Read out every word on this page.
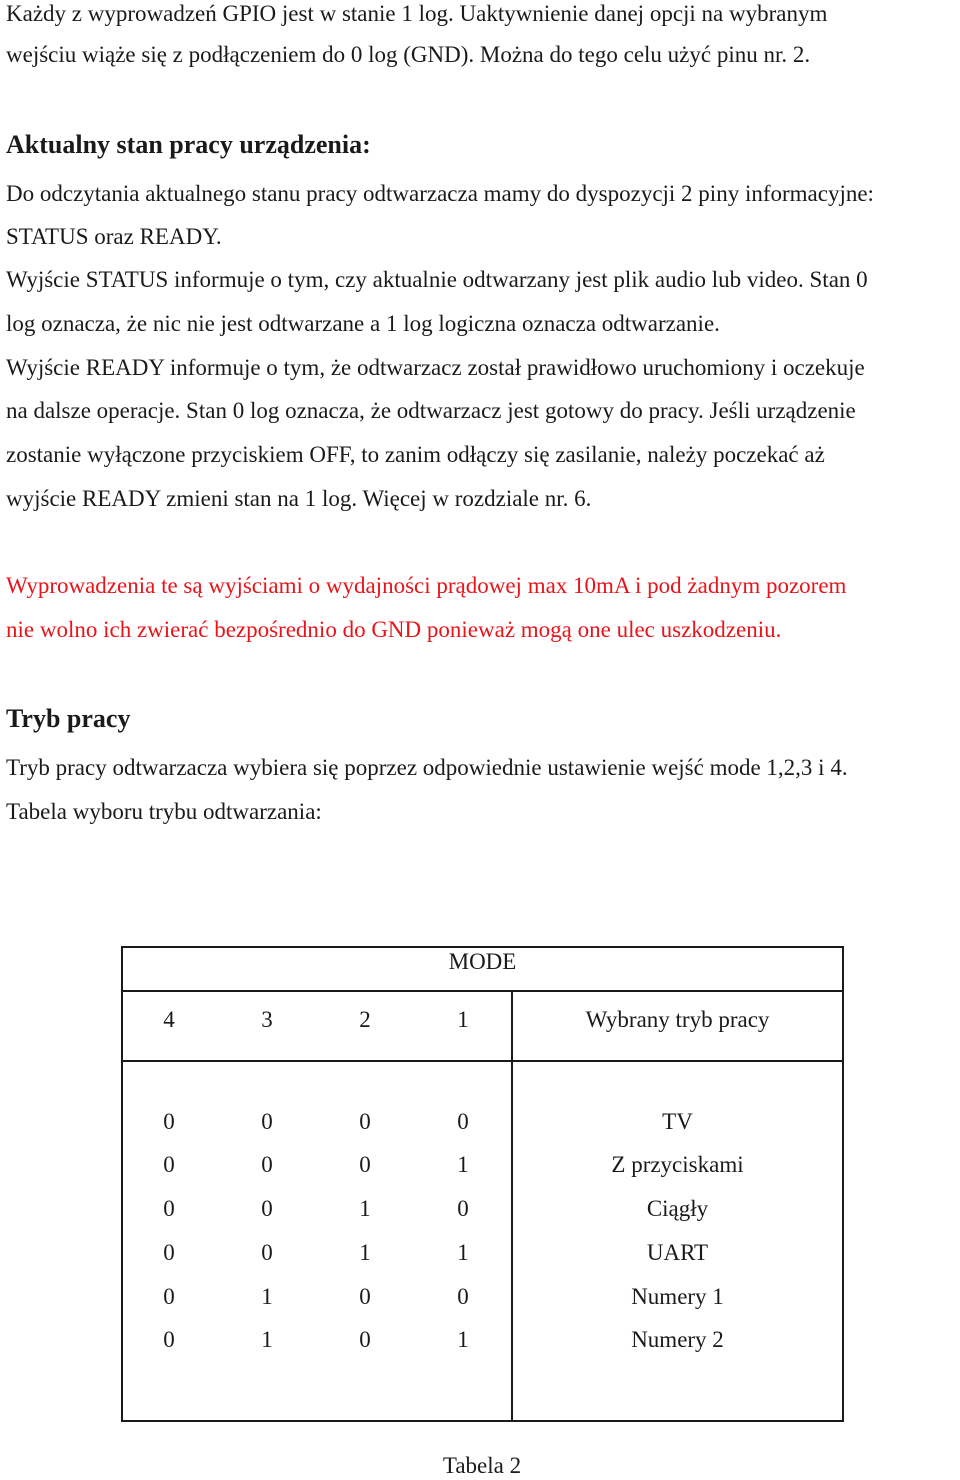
Każdy z wyprowadzeń GPIO jest w stanie 1 log. Uaktywnienie danej opcji na wybranym
wejściu wiąże się z podłączeniem do 0 log (GND). Można do tego celu użyć pinu nr. 2.
Aktualny stan pracy urządzenia:
Do odczytania aktualnego stanu pracy odtwarzacza mamy do dyspozycji 2 piny informacyjne:
STATUS oraz READY.
Wyjście STATUS informuje o tym, czy aktualnie odtwarzany jest plik audio lub video. Stan 0
log oznacza, że nic nie jest odtwarzane a 1 log logiczna oznacza odtwarzanie.
Wyjście READY informuje o tym, że odtwarzacz został prawidłowo uruchomiony i oczekuje
na dalsze operacje. Stan 0 log oznacza, że odtwarzacz jest gotowy do pracy. Jeśli urządzenie
zostanie wyłączone przyciskiem OFF, to zanim odłączy się zasilanie, należy poczekać aż
wyjście READY zmieni stan na 1 log. Więcej w rozdziale nr. 6.
Wyprowadzenia te są wyjściami o wydajności prądowej max 10mA i pod żadnym pozorem
nie wolno ich zwierać bezpośrednio do GND ponieważ mogą one ulec uszkodzeniu.
Tryb pracy
Tryb pracy odtwarzacza wybiera się poprzez odpowiednie ustawienie wejść mode 1,2,3 i 4.
Tabela wyboru trybu odtwarzania:
MODE
4	3	2	1	Wybrany tryb pracy
0	0	0	0	TV
0	0	0	1	Z przyciskami
0	0	1	0	Ciągły
0	0	1	1	UART
0	1	0	0	Numery 1
0	1	0	1	Numery 2
Tabela 2
